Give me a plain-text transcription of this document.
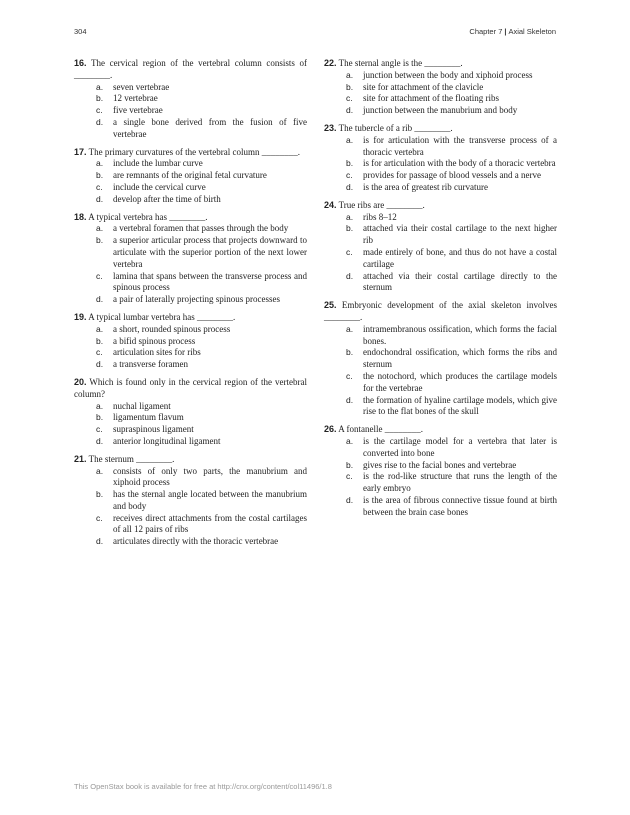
304	Chapter 7 | Axial Skeleton
16. The cervical region of the vertebral column consists of ________.
a.	seven vertebrae
b.	12 vertebrae
c.	five vertebrae
d.	a single bone derived from the fusion of five vertebrae
17. The primary curvatures of the vertebral column ________.
a.	include the lumbar curve
b.	are remnants of the original fetal curvature
c.	include the cervical curve
d.	develop after the time of birth
18. A typical vertebra has ________.
a.	a vertebral foramen that passes through the body
b.	a superior articular process that projects downward to articulate with the superior portion of the next lower vertebra
c.	lamina that spans between the transverse process and spinous process
d.	a pair of laterally projecting spinous processes
19. A typical lumbar vertebra has ________.
a.	a short, rounded spinous process
b.	a bifid spinous process
c.	articulation sites for ribs
d.	a transverse foramen
20. Which is found only in the cervical region of the vertebral column?
a.	nuchal ligament
b.	ligamentum flavum
c.	supraspinous ligament
d.	anterior longitudinal ligament
21. The sternum ________.
a.	consists of only two parts, the manubrium and xiphoid process
b.	has the sternal angle located between the manubrium and body
c.	receives direct attachments from the costal cartilages of all 12 pairs of ribs
d.	articulates directly with the thoracic vertebrae
22. The sternal angle is the ________.
a.	junction between the body and xiphoid process
b.	site for attachment of the clavicle
c.	site for attachment of the floating ribs
d.	junction between the manubrium and body
23. The tubercle of a rib ________.
a.	is for articulation with the transverse process of a thoracic vertebra
b.	is for articulation with the body of a thoracic vertebra
c.	provides for passage of blood vessels and a nerve
d.	is the area of greatest rib curvature
24. True ribs are ________.
a.	ribs 8–12
b.	attached via their costal cartilage to the next higher rib
c.	made entirely of bone, and thus do not have a costal cartilage
d.	attached via their costal cartilage directly to the sternum
25. Embryonic development of the axial skeleton involves ________.
a.	intramembranous ossification, which forms the facial bones.
b.	endochondral ossification, which forms the ribs and sternum
c.	the notochord, which produces the cartilage models for the vertebrae
d.	the formation of hyaline cartilage models, which give rise to the flat bones of the skull
26. A fontanelle ________.
a.	is the cartilage model for a vertebra that later is converted into bone
b.	gives rise to the facial bones and vertebrae
c.	is the rod-like structure that runs the length of the early embryo
d.	is the area of fibrous connective tissue found at birth between the brain case bones
This OpenStax book is available for free at http://cnx.org/content/col11496/1.8
